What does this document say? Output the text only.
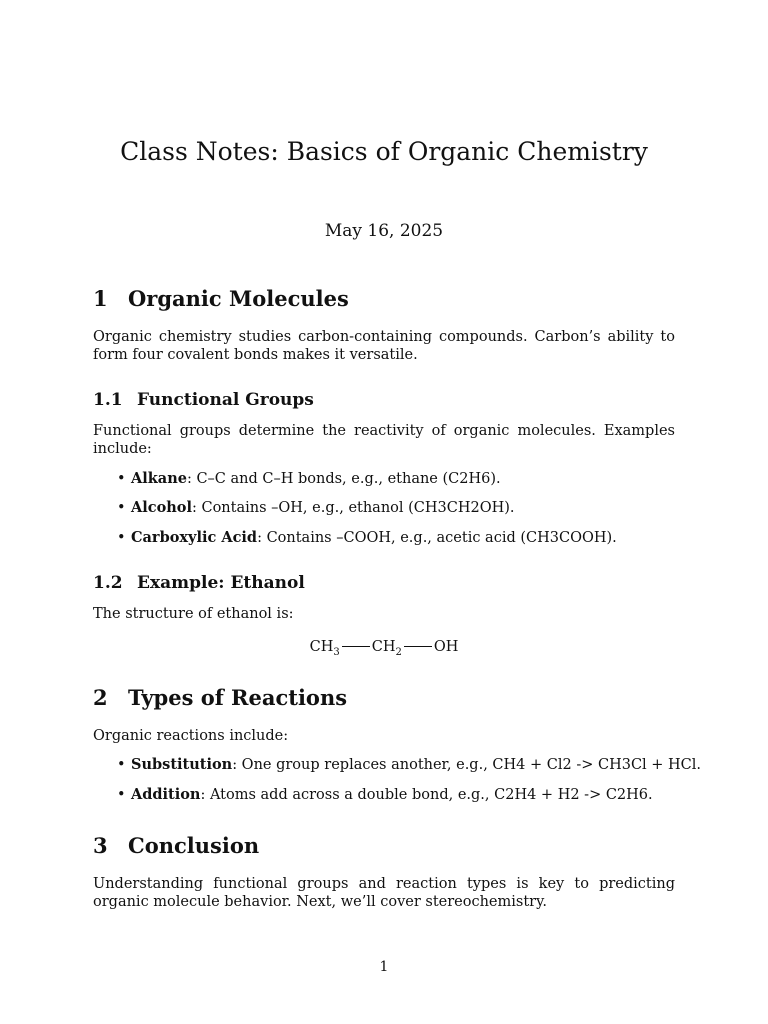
Class Notes: Basics of Organic Chemistry
May 16, 2025
1 Organic Molecules
Organic chemistry studies carbon-containing compounds. Carbon’s ability to form four covalent bonds makes it versatile.
1.1 Functional Groups
Functional groups determine the reactivity of organic molecules. Examples include:
• Alkane: C–C and C–H bonds, e.g., ethane (C2H6).
• Alcohol: Contains –OH, e.g., ethanol (CH3CH2OH).
• Carboxylic Acid: Contains –COOH, e.g., acetic acid (CH3COOH).
1.2 Example: Ethanol
The structure of ethanol is:
$CH_3$ $CH_2$ OH
2 Types of Reactions
Organic reactions include:
• Substitution: One group replaces another, e.g., CH4 + Cl2 -> CH3Cl + HCl.
• Addition: Atoms add across a double bond, e.g., C2H4 + H2 -> C2H6.
3 Conclusion
Understanding functional groups and reaction types is key to predicting organic molecule behavior. Next, we’ll cover stereochemistry.
1
